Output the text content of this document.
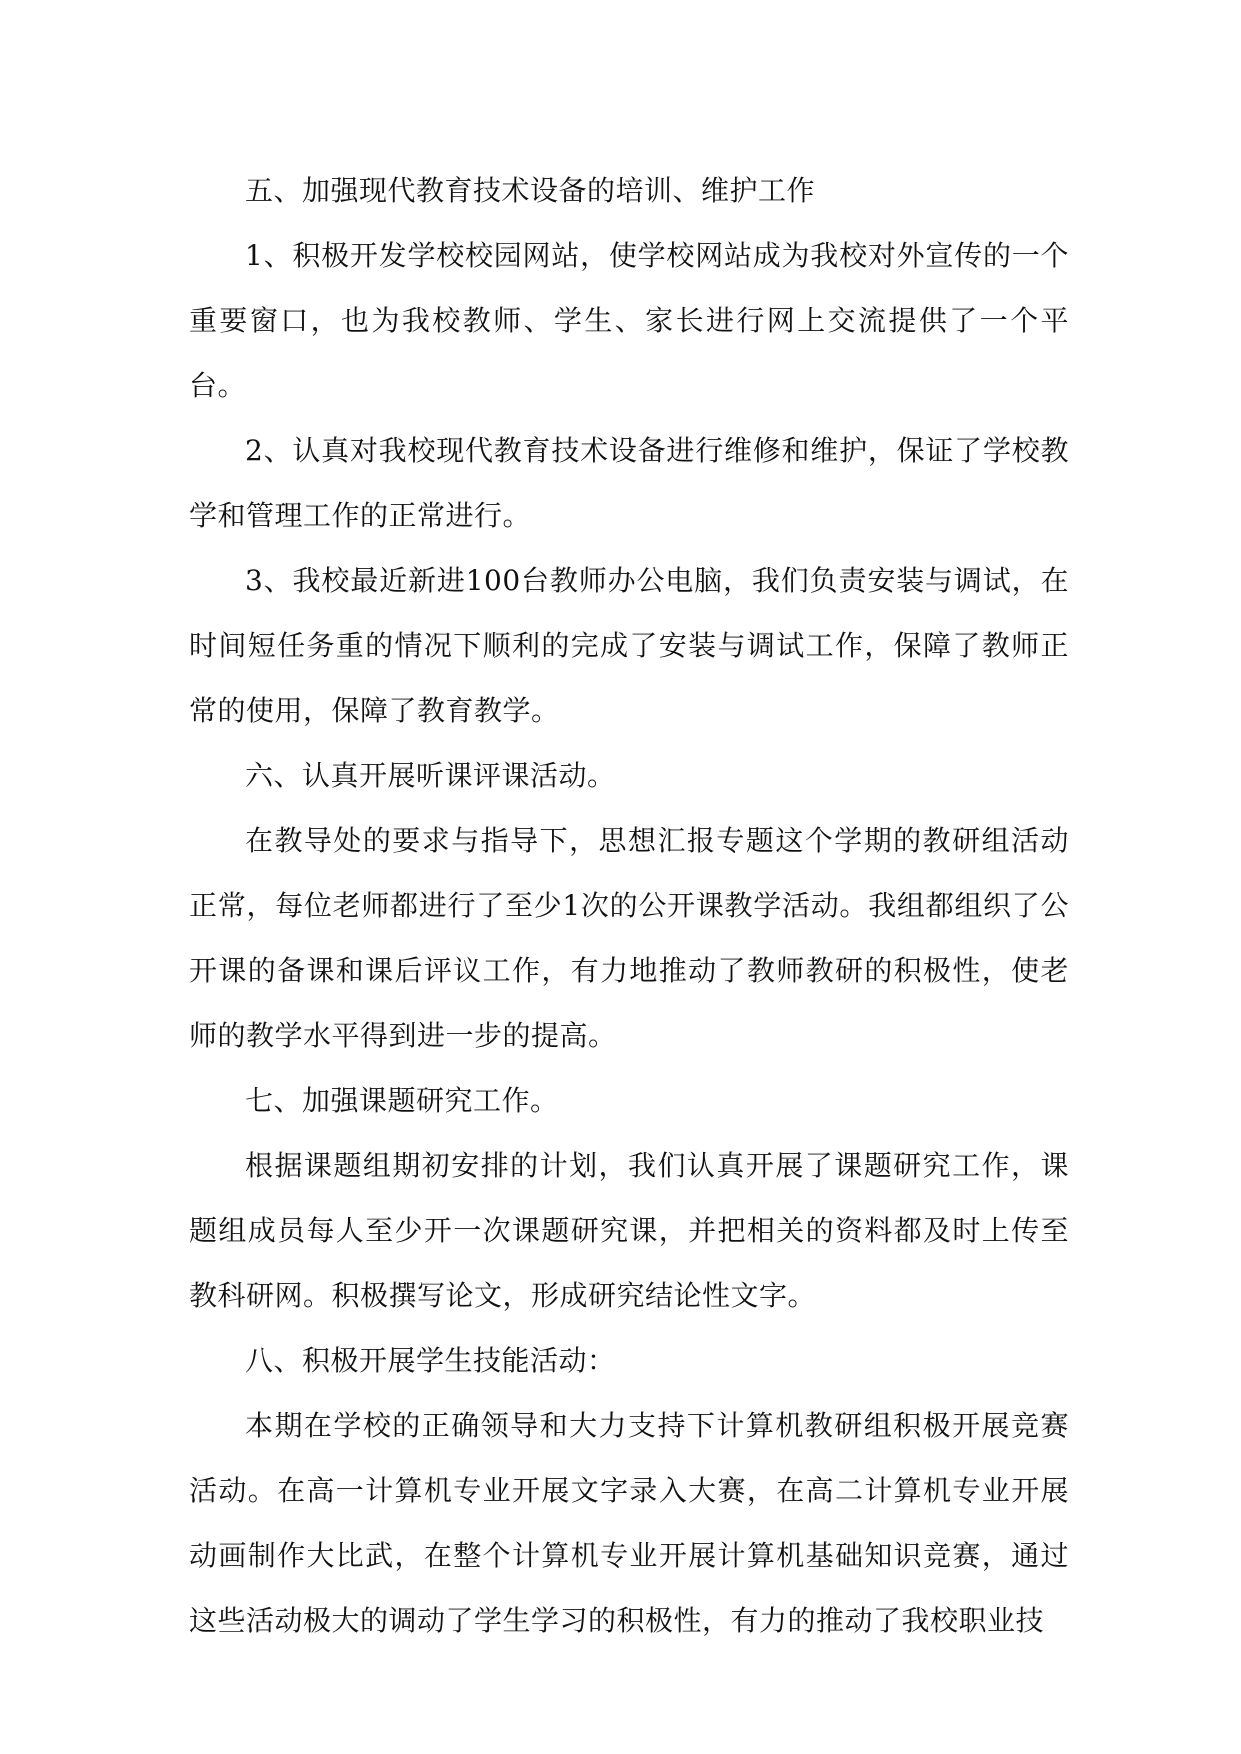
五、加强现代教育技术设备的培训、维护工作

1、积极开发学校校园网站，使学校网站成为我校对外宣传的一个重要窗口，也为我校教师、学生、家长进行网上交流提供了一个平台。

2、认真对我校现代教育技术设备进行维修和维护，保证了学校教学和管理工作的正常进行。

3、我校最近新进100台教师办公电脑，我们负责安装与调试，在时间短任务重的情况下顺利的完成了安装与调试工作，保障了教师正常的使用，保障了教育教学。

六、认真开展听课评课活动。

在教导处的要求与指导下，思想汇报专题这个学期的教研组活动正常，每位老师都进行了至少1次的公开课教学活动。我组都组织了公开课的备课和课后评议工作，有力地推动了教师教研的积极性，使老师的教学水平得到进一步的提高。

七、加强课题研究工作。

根据课题组期初安排的计划，我们认真开展了课题研究工作，课题组成员每人至少开一次课题研究课，并把相关的资料都及时上传至教科研网。积极撰写论文，形成研究结论性文字。

八、积极开展学生技能活动：

本期在学校的正确领导和大力支持下计算机教研组积极开展竞赛活动。在高一计算机专业开展文字录入大赛，在高二计算机专业开展动画制作大比武，在整个计算机专业开展计算机基础知识竞赛，通过这些活动极大的调动了学生学习的积极性，有力的推动了我校职业技
